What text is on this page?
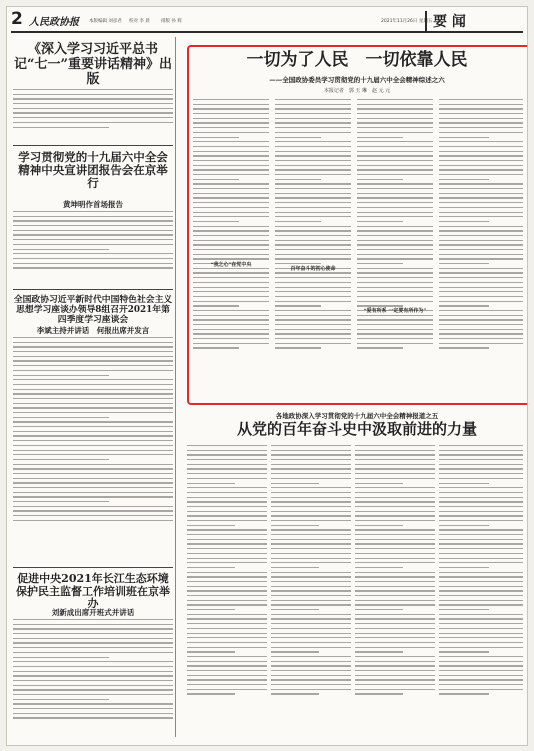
2 人民政协报 本版编辑 刘彦君 校对 李 晨 排版 孙 辉	2021年11月26日 星期五 要 闻
《深入学习习近平总书记“七一”重要讲话精神》出版
学习贯彻党的十九届六中全会精神中央宣讲团报告会在京举行
黄坤明作首场报告
全国政协习近平新时代中国特色社会主义思想学习座谈办领导8组召开2021年第四季度学习座谈会
李斌主持并讲话　何报出席并发言
促进中央2021年长江生态环境保护民主监督工作培训班在京举办
刘新成出席开班式并讲话
一切为了人民　一切依靠人民
——全国政协委员学习贯彻党的十九届六中全会精神综述之六
本报记者　郭 玉 琳　赵 元 元
“我之心”在党中央
百年奋斗的初心使命
“爱有所系 一定要有所作为”
各地政协深入学习贯彻党的十九届六中全会精神报道之五
从党的百年奋斗史中汲取前进的力量
